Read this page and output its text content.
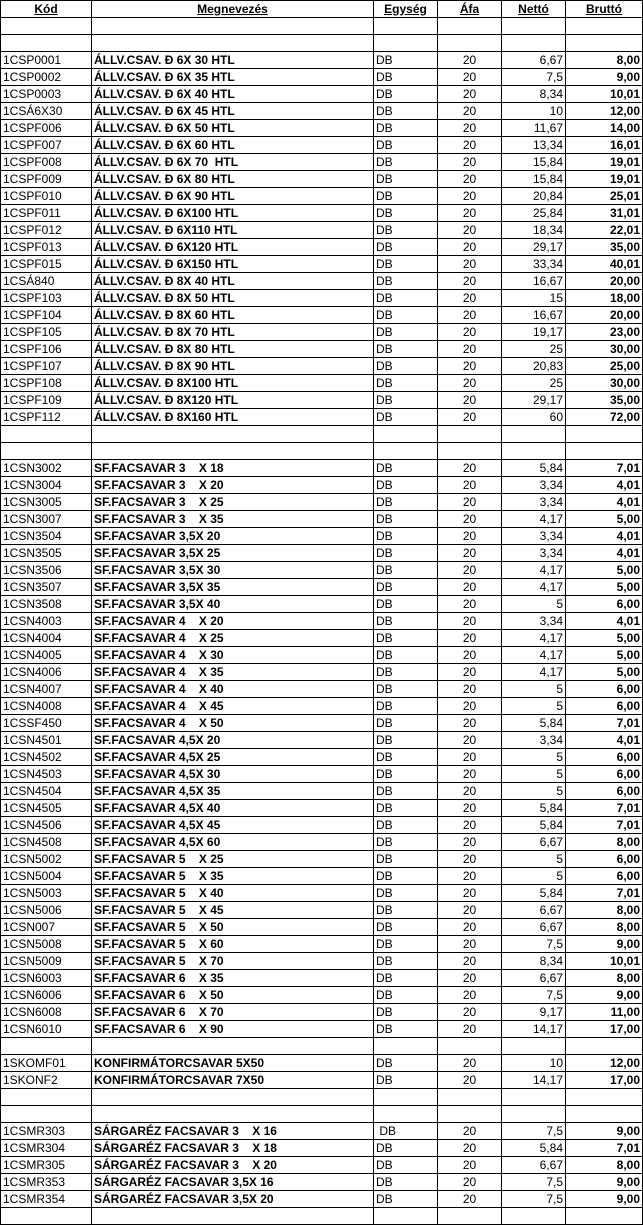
Kód	Megnevezés	Egység	Áfa	Nettó	Bruttó

1CSP0001	ÁLLV.CSAV. Ð 6X 30 HTL	DB	20	6,67	8,00
1CSP0002	ÁLLV.CSAV. Ð 6X 35 HTL	DB	20	7,5	9,00
1CSP0003	ÁLLV.CSAV. Ð 6X 40 HTL	DB	20	8,34	10,01
1CSÁ6X30	ÁLLV.CSAV. Ð 6X 45 HTL	DB	20	10	12,00
1CSPF006	ÁLLV.CSAV. Ð 6X 50 HTL	DB	20	11,67	14,00
1CSPF007	ÁLLV.CSAV. Ð 6X 60 HTL	DB	20	13,34	16,01
1CSPF008	ÁLLV.CSAV. Ð 6X 70  HTL	DB	20	15,84	19,01
1CSPF009	ÁLLV.CSAV. Ð 6X 80 HTL	DB	20	15,84	19,01
1CSPF010	ÁLLV.CSAV. Ð 6X 90 HTL	DB	20	20,84	25,01
1CSPF011	ÁLLV.CSAV. Ð 6X100 HTL	DB	20	25,84	31,01
1CSPF012	ÁLLV.CSAV. Ð 6X110 HTL	DB	20	18,34	22,01
1CSPF013	ÁLLV.CSAV. Ð 6X120 HTL	DB	20	29,17	35,00
1CSPF015	ÁLLV.CSAV. Ð 6X150 HTL	DB	20	33,34	40,01
1CSÁ840	ÁLLV.CSAV. Ð 8X 40 HTL	DB	20	16,67	20,00
1CSPF103	ÁLLV.CSAV. Ð 8X 50 HTL	DB	20	15	18,00
1CSPF104	ÁLLV.CSAV. Ð 8X 60 HTL	DB	20	16,67	20,00
1CSPF105	ÁLLV.CSAV. Ð 8X 70 HTL	DB	20	19,17	23,00
1CSPF106	ÁLLV.CSAV. Ð 8X 80 HTL	DB	20	25	30,00
1CSPF107	ÁLLV.CSAV. Ð 8X 90 HTL	DB	20	20,83	25,00
1CSPF108	ÁLLV.CSAV. Ð 8X100 HTL	DB	20	25	30,00
1CSPF109	ÁLLV.CSAV. Ð 8X120 HTL	DB	20	29,17	35,00
1CSPF112	ÁLLV.CSAV. Ð 8X160 HTL	DB	20	60	72,00

1CSN3002	SF.FACSAVAR 3    X 18	DB	20	5,84	7,01
1CSN3004	SF.FACSAVAR 3    X 20	DB	20	3,34	4,01
1CSN3005	SF.FACSAVAR 3    X 25	DB	20	3,34	4,01
1CSN3007	SF.FACSAVAR 3    X 35	DB	20	4,17	5,00
1CSN3504	SF.FACSAVAR 3,5X 20	DB	20	3,34	4,01
1CSN3505	SF.FACSAVAR 3,5X 25	DB	20	3,34	4,01
1CSN3506	SF.FACSAVAR 3,5X 30	DB	20	4,17	5,00
1CSN3507	SF.FACSAVAR 3,5X 35	DB	20	4,17	5,00
1CSN3508	SF.FACSAVAR 3,5X 40	DB	20	5	6,00
1CSN4003	SF.FACSAVAR 4    X 20	DB	20	3,34	4,01
1CSN4004	SF.FACSAVAR 4    X 25	DB	20	4,17	5,00
1CSN4005	SF.FACSAVAR 4    X 30	DB	20	4,17	5,00
1CSN4006	SF.FACSAVAR 4    X 35	DB	20	4,17	5,00
1CSN4007	SF.FACSAVAR 4    X 40	DB	20	5	6,00
1CSN4008	SF.FACSAVAR 4    X 45	DB	20	5	6,00
1CSSF450	SF.FACSAVAR 4    X 50	DB	20	5,84	7,01
1CSN4501	SF.FACSAVAR 4,5X 20	DB	20	3,34	4,01
1CSN4502	SF.FACSAVAR 4,5X 25	DB	20	5	6,00
1CSN4503	SF.FACSAVAR 4,5X 30	DB	20	5	6,00
1CSN4504	SF.FACSAVAR 4,5X 35	DB	20	5	6,00
1CSN4505	SF.FACSAVAR 4,5X 40	DB	20	5,84	7,01
1CSN4506	SF.FACSAVAR 4,5X 45	DB	20	5,84	7,01
1CSN4508	SF.FACSAVAR 4,5X 60	DB	20	6,67	8,00
1CSN5002	SF.FACSAVAR 5    X 25	DB	20	5	6,00
1CSN5004	SF.FACSAVAR 5    X 35	DB	20	5	6,00
1CSN5003	SF.FACSAVAR 5    X 40	DB	20	5,84	7,01
1CSN5006	SF.FACSAVAR 5    X 45	DB	20	6,67	8,00
1CSN007	SF.FACSAVAR 5    X 50	DB	20	6,67	8,00
1CSN5008	SF.FACSAVAR 5    X 60	DB	20	7,5	9,00
1CSN5009	SF.FACSAVAR 5    X 70	DB	20	8,34	10,01
1CSN6003	SF.FACSAVAR 6    X 35	DB	20	6,67	8,00
1CSN6006	SF.FACSAVAR 6    X 50	DB	20	7,5	9,00
1CSN6008	SF.FACSAVAR 6    X 70	DB	20	9,17	11,00
1CSN6010	SF.FACSAVAR 6    X 90	DB	20	14,17	17,00

1SKOMF01	KONFIRMÁTORCSAVAR 5X50	DB	20	10	12,00
1SKONF2	KONFIRMÁTORCSAVAR 7X50	DB	20	14,17	17,00

1CSMR303	SÁRGARÉZ FACSAVAR 3    X 16	DB	20	7,5	9,00
1CSMR304	SÁRGARÉZ FACSAVAR 3    X 18	DB	20	5,84	7,01
1CSMR305	SÁRGARÉZ FACSAVAR 3    X 20	DB	20	6,67	8,00
1CSMR353	SÁRGARÉZ FACSAVAR 3,5X 16	DB	20	7,5	9,00
1CSMR354	SÁRGARÉZ FACSAVAR 3,5X 20	DB	20	7,5	9,00
